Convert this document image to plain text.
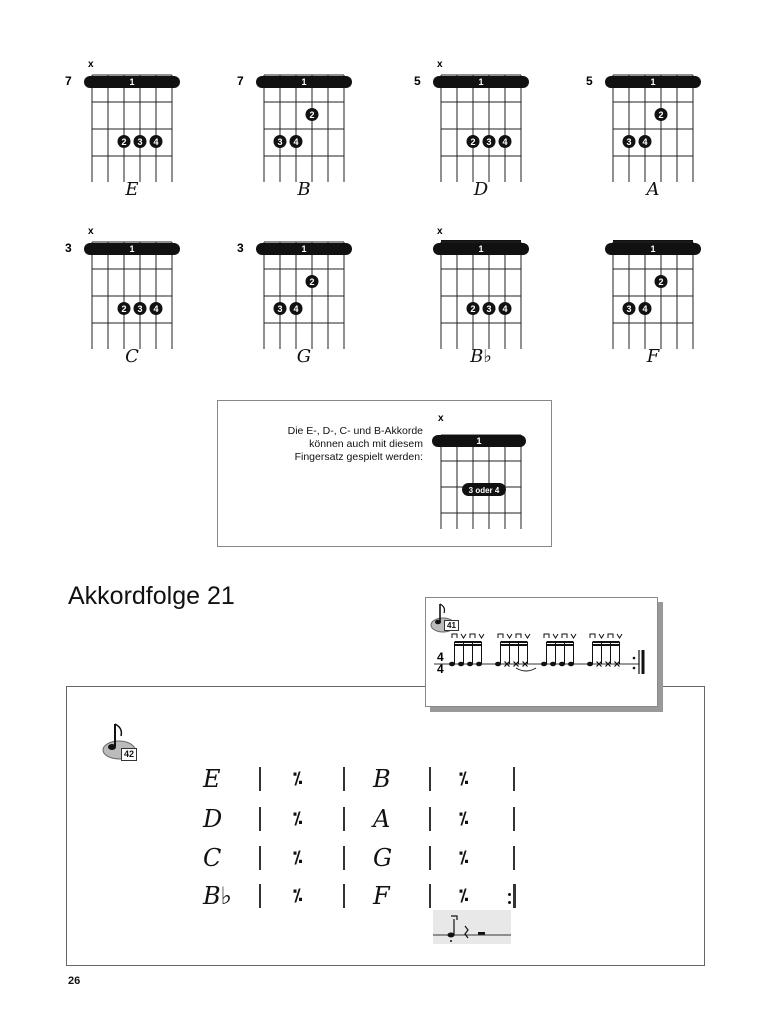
x
7	1
2 3 4
E
7	1
2
3 4
B
x
5	1
2 3 4
D
5	1
2
3 4
A
x
3	1
2 3 4
C
3	1
2
3 4
G
x
1
2 3 4
B♭
1
2
3 4
F
Die E-, D-, C- und B-Akkorde
können auch mit diesem
Fingersatz gespielt werden:
x
1
3 oder 4
Akkordfolge 21
42
E	⁒	B	⁒
D	⁒	A	⁒
C	⁒	G	⁒
B♭	⁒	F	⁒
41
4
4
26
